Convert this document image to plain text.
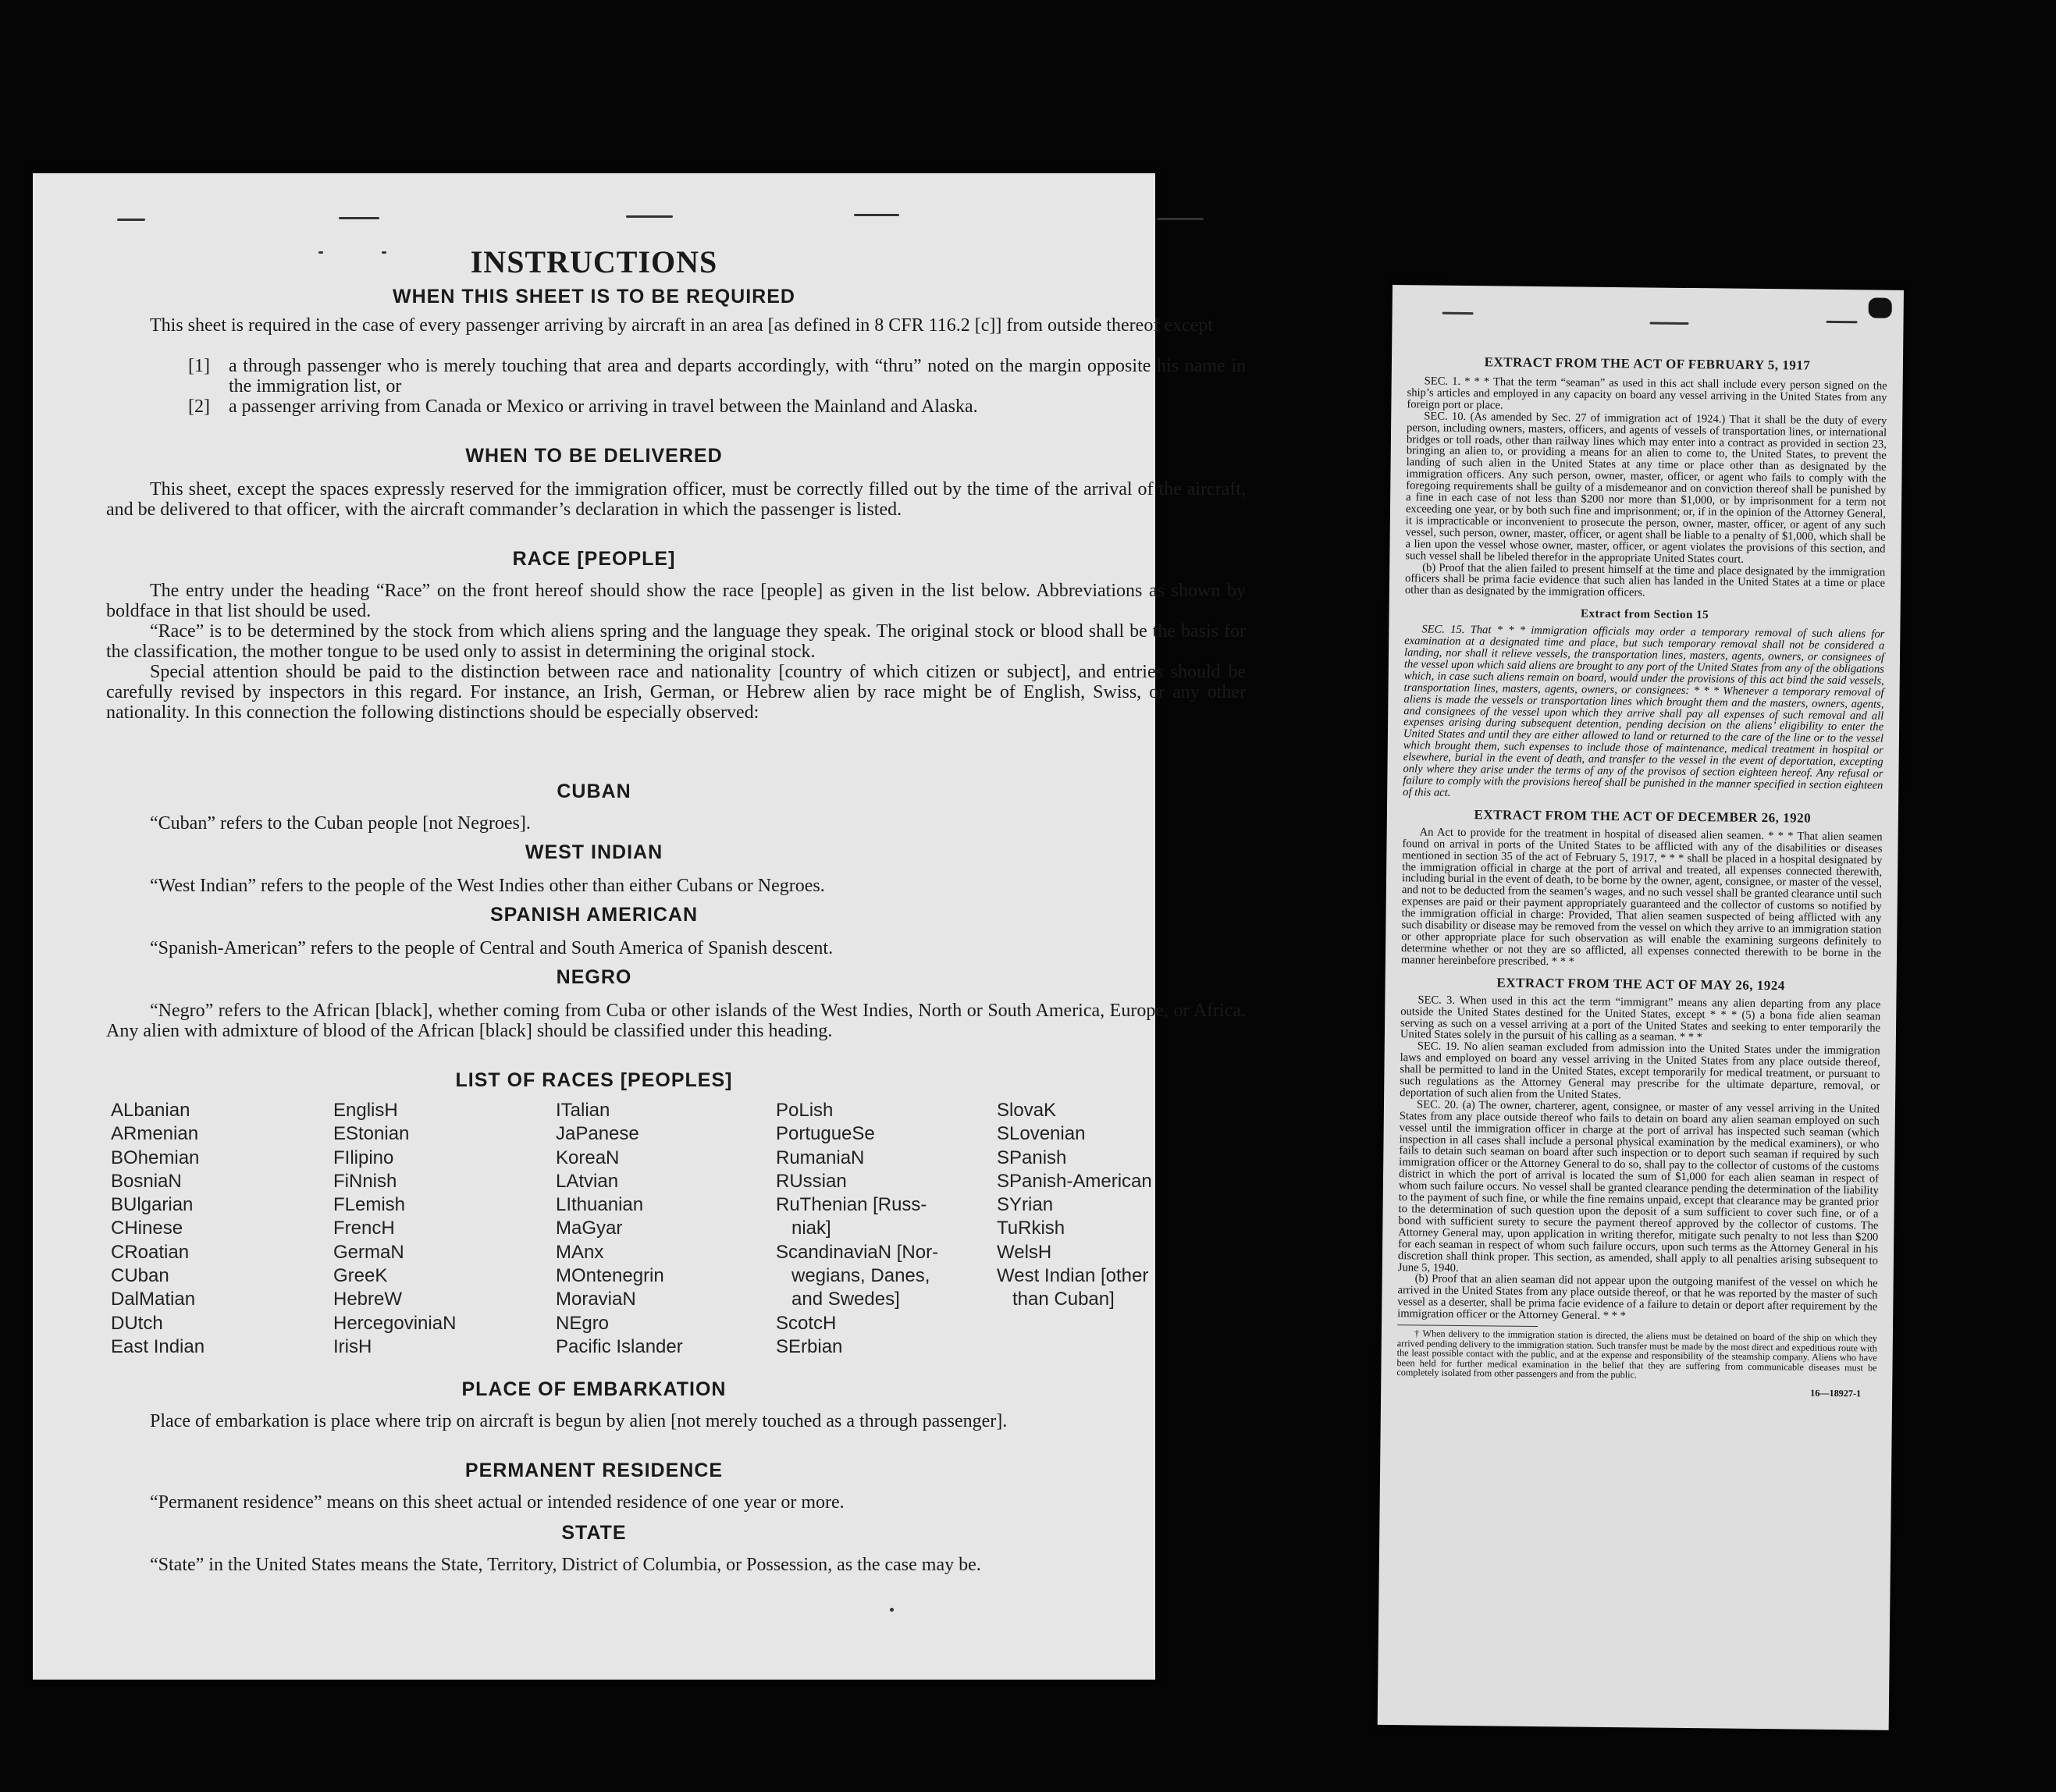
INSTRUCTIONS
WHEN THIS SHEET IS TO BE REQUIRED

This sheet is required in the case of every passenger arriving by aircraft in an area [as defined in 8 CFR 116.2 [c]] from outside thereof except

[1]	a through passenger who is merely touching that area and departs accordingly, with “thru” noted on the margin opposite his name in the immigration list, or
[2]	a passenger arriving from Canada or Mexico or arriving in travel between the Mainland and Alaska.
WHEN TO BE DELIVERED

This sheet, except the spaces expressly reserved for the immigration officer, must be correctly filled out by the time of the arrival of the aircraft, and be delivered to that officer, with the aircraft commander’s declaration in which the passenger is listed.

RACE [PEOPLE]

The entry under the heading “Race” on the front hereof should show the race [people] as given in the list below. Abbreviations as shown by boldface in that list should be used.

“Race” is to be determined by the stock from which aliens spring and the language they speak. The original stock or blood shall be the basis for the classification, the mother tongue to be used only to assist in determining the original stock.

Special attention should be paid to the distinction between race and nationality [country of which citizen or subject], and entries should be carefully revised by inspectors in this regard. For instance, an Irish, German, or Hebrew alien by race might be of English, Swiss, or any other nationality. In this connection the following distinctions should be especially observed:

CUBAN

“Cuban” refers to the Cuban people [not Negroes].

WEST INDIAN

“West Indian” refers to the people of the West Indies other than either Cubans or Negroes.

SPANISH AMERICAN

“Spanish-American” refers to the people of Central and South America of Spanish descent.

NEGRO

“Negro” refers to the African [black], whether coming from Cuba or other islands of the West Indies, North or South America, Europe, or Africa. Any alien with admixture of blood of the African [black] should be classified under this heading.

LIST OF RACES [PEOPLES]
ALbanian
ARmenian
BOhemian
BosniaN
BUlgarian
CHinese
CRoatian
CUban
DalMatian
DUtch
East Indian
EnglisH
EStonian
FIlipino
FiNnish
FLemish
FrencH
GermaN
GreeK
HebreW
HercegoviniaN
IrisH
ITalian
JaPanese
KoreaN
LAtvian
LIthuanian
MaGyar
MAnx
MOntenegrin
MoraviaN
NEgro
Pacific Islander
PoLish
PortugueSe
RumaniaN
RUssian
RuThenian [Russ-
niak]
ScandinaviaN [Nor-
wegians, Danes,
and Swedes]
ScotcH
SErbian
SlovaK
SLovenian
SPanish
SPanish-American
SYrian
TuRkish
WelsH
West Indian [other
than Cuban]
PLACE OF EMBARKATION

Place of embarkation is place where trip on aircraft is begun by alien [not merely touched as a through passenger].

PERMANENT RESIDENCE

“Permanent residence” means on this sheet actual or intended residence of one year or more.

STATE

“State” in the United States means the State, Territory, District of Columbia, or Possession, as the case may be.

EXTRACT FROM THE ACT OF FEBRUARY 5, 1917

SEC. 1. * * * That the term “seaman” as used in this act shall include every person signed on the ship’s articles and employed in any capacity on board any vessel arriving in the United States from any foreign port or place.

SEC. 10. (As amended by Sec. 27 of immigration act of 1924.) That it shall be the duty of every person, including owners, masters, officers, and agents of vessels of transportation lines, or international bridges or toll roads, other than railway lines which may enter into a contract as provided in section 23, bringing an alien to, or providing a means for an alien to come to, the United States, to prevent the landing of such alien in the United States at any time or place other than as designated by the immigration officers. Any such person, owner, master, officer, or agent who fails to comply with the foregoing requirements shall be guilty of a misdemeanor and on conviction thereof shall be punished by a fine in each case of not less than $200 nor more than $1,000, or by imprisonment for a term not exceeding one year, or by both such fine and imprisonment; or, if in the opinion of the Attorney General, it is impracticable or inconvenient to prosecute the person, owner, master, officer, or agent of any such vessel, such person, owner, master, officer, or agent shall be liable to a penalty of $1,000, which shall be a lien upon the vessel whose owner, master, officer, or agent violates the provisions of this section, and such vessel shall be libeled therefor in the appropriate United States court.

(b) Proof that the alien failed to present himself at the time and place designated by the immigration officers shall be prima facie evidence that such alien has landed in the United States at a time or place other than as designated by the immigration officers.

Extract from Section 15

SEC. 15. That * * * immigration officials may order a temporary removal of such aliens for examination at a designated time and place, but such temporary removal shall not be considered a landing, nor shall it relieve vessels, the transportation lines, masters, agents, owners, or consignees of the vessel upon which said aliens are brought to any port of the United States from any of the obligations which, in case such aliens remain on board, would under the provisions of this act bind the said vessels, transportation lines, masters, agents, owners, or consignees: * * * Whenever a temporary removal of aliens is made the vessels or transportation lines which brought them and the masters, owners, agents, and consignees of the vessel upon which they arrive shall pay all expenses of such removal and all expenses arising during subsequent detention, pending decision on the aliens’ eligibility to enter the United States and until they are either allowed to land or returned to the care of the line or to the vessel which brought them, such expenses to include those of maintenance, medical treatment in hospital or elsewhere, burial in the event of death, and transfer to the vessel in the event of deportation, excepting only where they arise under the terms of any of the provisos of section eighteen hereof. Any refusal or failure to comply with the provisions hereof shall be punished in the manner specified in section eighteen of this act.

EXTRACT FROM THE ACT OF DECEMBER 26, 1920

An Act to provide for the treatment in hospital of diseased alien seamen. * * * That alien seamen found on arrival in ports of the United States to be afflicted with any of the disabilities or diseases mentioned in section 35 of the act of February 5, 1917, * * * shall be placed in a hospital designated by the immigration official in charge at the port of arrival and treated, all expenses connected therewith, including burial in the event of death, to be borne by the owner, agent, consignee, or master of the vessel, and not to be deducted from the seamen’s wages, and no such vessel shall be granted clearance until such expenses are paid or their payment appropriately guaranteed and the collector of customs so notified by the immigration official in charge: Provided, That alien seamen suspected of being afflicted with any such disability or disease may be removed from the vessel on which they arrive to an immigration station or other appropriate place for such observation as will enable the examining surgeons definitely to determine whether or not they are so afflicted, all expenses connected therewith to be borne in the manner hereinbefore prescribed. * * *

EXTRACT FROM THE ACT OF MAY 26, 1924

SEC. 3. When used in this act the term “immigrant” means any alien departing from any place outside the United States destined for the United States, except * * * (5) a bona fide alien seaman serving as such on a vessel arriving at a port of the United States and seeking to enter temporarily the United States solely in the pursuit of his calling as a seaman. * * *

SEC. 19. No alien seaman excluded from admission into the United States under the immigration laws and employed on board any vessel arriving in the United States from any place outside thereof, shall be permitted to land in the United States, except temporarily for medical treatment, or pursuant to such regulations as the Attorney General may prescribe for the ultimate departure, removal, or deportation of such alien from the United States.

SEC. 20. (a) The owner, charterer, agent, consignee, or master of any vessel arriving in the United States from any place outside thereof who fails to detain on board any alien seaman employed on such vessel until the immigration officer in charge at the port of arrival has inspected such seaman (which inspection in all cases shall include a personal physical examination by the medical examiners), or who fails to detain such seaman on board after such inspection or to deport such seaman if required by such immigration officer or the Attorney General to do so, shall pay to the collector of customs of the customs district in which the port of arrival is located the sum of $1,000 for each alien seaman in respect of whom such failure occurs. No vessel shall be granted clearance pending the determination of the liability to the payment of such fine, or while the fine remains unpaid, except that clearance may be granted prior to the determination of such question upon the deposit of a sum sufficient to cover such fine, or of a bond with sufficient surety to secure the payment thereof approved by the collector of customs. The Attorney General may, upon application in writing therefor, mitigate such penalty to not less than $200 for each seaman in respect of whom such failure occurs, upon such terms as the Attorney General in his discretion shall think proper. This section, as amended, shall apply to all penalties arising subsequent to June 5, 1940.

(b) Proof that an alien seaman did not appear upon the outgoing manifest of the vessel on which he arrived in the United States from any place outside thereof, or that he was reported by the master of such vessel as a deserter, shall be prima facie evidence of a failure to detain or deport after requirement by the immigration officer or the Attorney General. * * *

† When delivery to the immigration station is directed, the aliens must be detained on board of the ship on which they arrived pending delivery to the immigration station. Such transfer must be made by the most direct and expeditious route with the least possible contact with the public, and at the expense and responsibility of the steamship company. Aliens who have been held for further medical examination in the belief that they are suffering from communicable diseases must be completely isolated from other passengers and from the public.

16—18927-1
